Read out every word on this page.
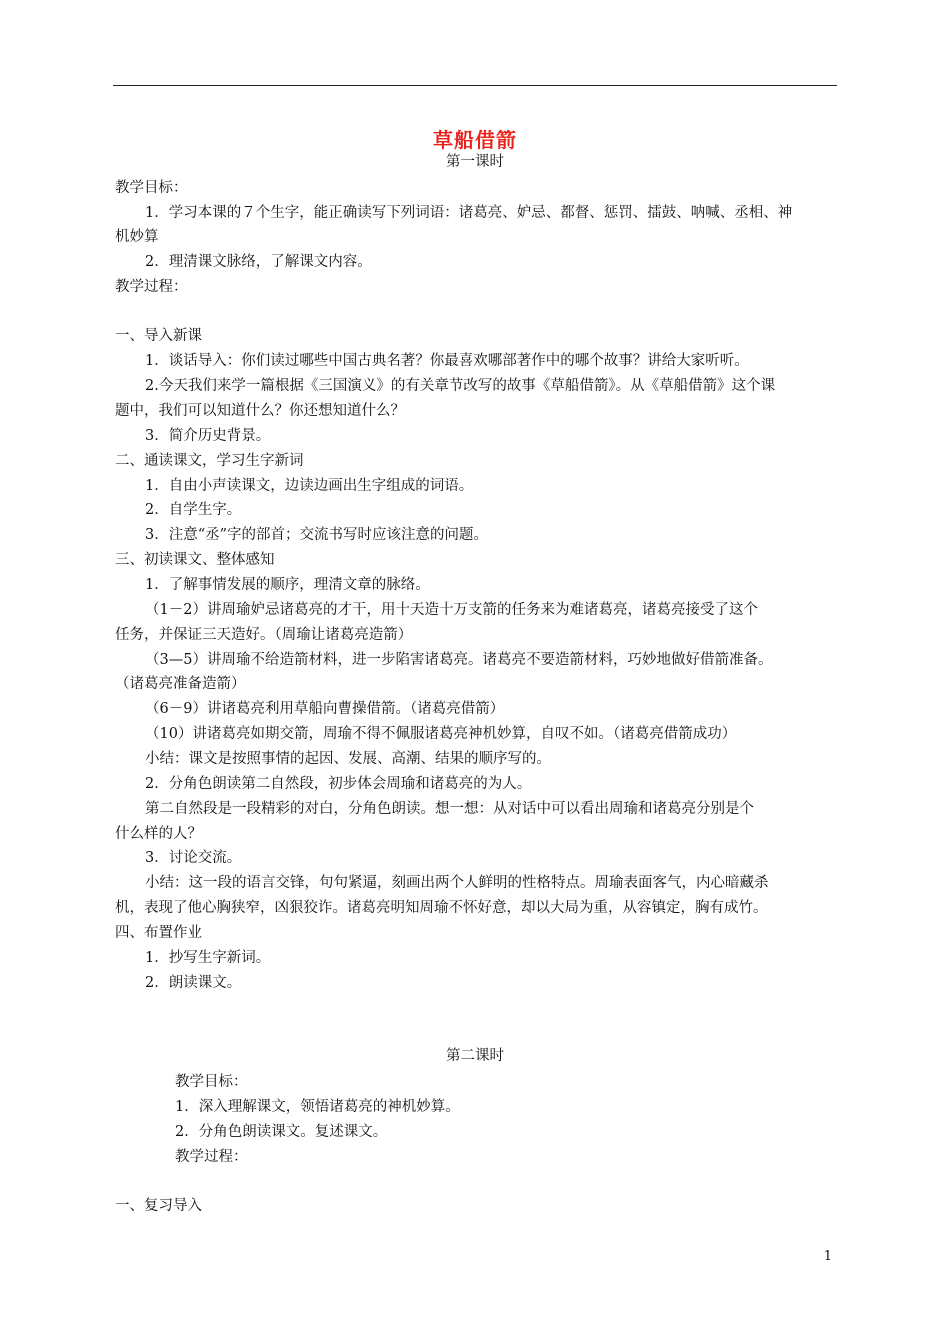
草船借箭
第一课时
教学目标：
1．学习本课的７个生字，能正确读写下列词语：诸葛亮、妒忌、都督、惩罚、擂鼓、呐喊、丞相、神
机妙算
2．理清课文脉络，了解课文内容。
教学过程：
一、导入新课
1．谈话导入：你们读过哪些中国古典名著？你最喜欢哪部著作中的哪个故事？讲给大家听听。
2.今天我们来学一篇根据《三国演义》的有关章节改写的故事《草船借箭》。从《草船借箭》这个课
题中，我们可以知道什么？你还想知道什么？
3．简介历史背景。
二、通读课文，学习生字新词
1．自由小声读课文，边读边画出生字组成的词语。
2．自学生字。
3．注意“丞”字的部首；交流书写时应该注意的问题。
三、初读课文、整体感知
1．了解事情发展的顺序，理清文章的脉络。
（1－2）讲周瑜妒忌诸葛亮的才干，用十天造十万支箭的任务来为难诸葛亮，诸葛亮接受了这个
任务，并保证三天造好。（周瑜让诸葛亮造箭）
（3—5）讲周瑜不给造箭材料，进一步陷害诸葛亮。诸葛亮不要造箭材料，巧妙地做好借箭准备。
（诸葛亮准备造箭）
（6－9）讲诸葛亮利用草船向曹操借箭。（诸葛亮借箭）
（10）讲诸葛亮如期交箭，周瑜不得不佩服诸葛亮神机妙算，自叹不如。（诸葛亮借箭成功）
小结：课文是按照事情的起因、发展、高潮、结果的顺序写的。
2．分角色朗读第二自然段，初步体会周瑜和诸葛亮的为人。
第二自然段是一段精彩的对白，分角色朗读。想一想：从对话中可以看出周瑜和诸葛亮分别是个
什么样的人？
3．讨论交流。
小结：这一段的语言交锋，句句紧逼，刻画出两个人鲜明的性格特点。周瑜表面客气，内心暗藏杀
机，表现了他心胸狭窄，凶狠狡诈。诸葛亮明知周瑜不怀好意，却以大局为重，从容镇定，胸有成竹。
四、布置作业
1．抄写生字新词。
2．朗读课文。
第二课时
教学目标：
1．深入理解课文，领悟诸葛亮的神机妙算。
2．分角色朗读课文。复述课文。
教学过程：
一、复习导入
1
